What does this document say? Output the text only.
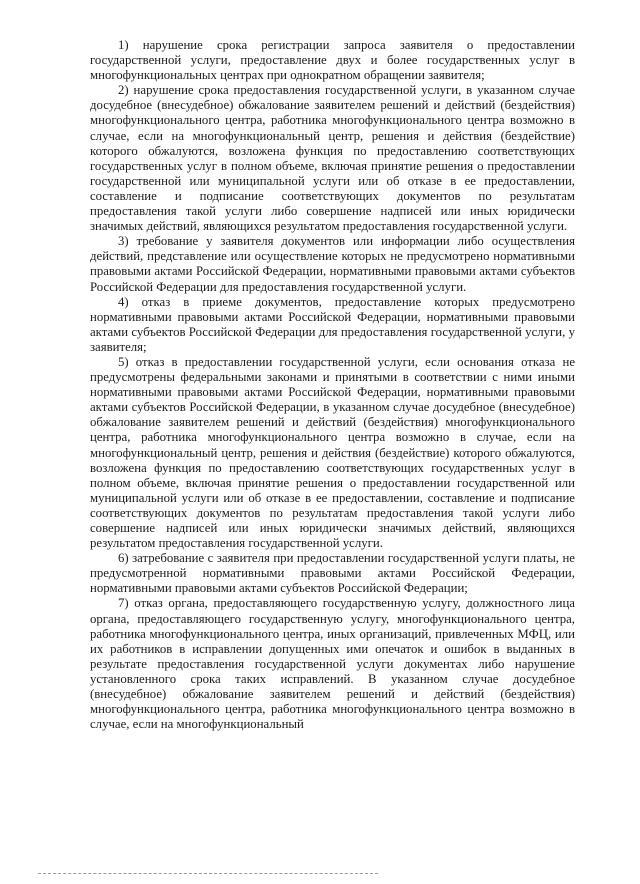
1) нарушение срока регистрации запроса заявителя о предоставлении государственной услуги, предоставление двух и более государственных услуг в многофункциональных центрах при однократном обращении заявителя;

2) нарушение срока предоставления государственной услуги, в указанном случае досудебное (внесудебное) обжалование заявителем решений и действий (бездействия) многофункционального центра, работника многофункционального центра возможно в случае, если на многофункциональный центр, решения и действия (бездействие) которого обжалуются, возложена функция по предоставлению соответствующих государственных услуг в полном объеме, включая принятие решения о предоставлении государственной или муниципальной услуги или об отказе в ее предоставлении, составление и подписание соответствующих документов по результатам предоставления такой услуги либо совершение надписей или иных юридически значимых действий, являющихся результатом предоставления государственной услуги.

3) требование у заявителя документов или информации либо осуществления действий, представление или осуществление которых не предусмотрено нормативными правовыми актами Российской Федерации, нормативными правовыми актами субъектов Российской Федерации для предоставления государственной услуги.

4) отказ в приеме документов, предоставление которых предусмотрено нормативными правовыми актами Российской Федерации, нормативными правовыми актами субъектов Российской Федерации для предоставления государственной услуги, у заявителя;

5) отказ в предоставлении государственной услуги, если основания отказа не предусмотрены федеральными законами и принятыми в соответствии с ними иными нормативными правовыми актами Российской Федерации, нормативными правовыми актами субъектов Российской Федерации, в указанном случае досудебное (внесудебное) обжалование заявителем решений и действий (бездействия) многофункционального центра, работника многофункционального центра возможно в случае, если на многофункциональный центр, решения и действия (бездействие) которого обжалуются, возложена функция по предоставлению соответствующих государственных услуг в полном объеме, включая принятие решения о предоставлении государственной или муниципальной услуги или об отказе в ее предоставлении, составление и подписание соответствующих документов по результатам предоставления такой услуги либо совершение надписей или иных юридически значимых действий, являющихся результатом предоставления государственной услуги.

6) затребование с заявителя при предоставлении государственной услуги платы, не предусмотренной нормативными правовыми актами Российской Федерации, нормативными правовыми актами субъектов Российской Федерации;

7) отказ органа, предоставляющего государственную услугу, должностного лица органа, предоставляющего государственную услугу, многофункционального центра, работника многофункционального центра, иных организаций, привлеченных МФЦ, или их работников в исправлении допущенных ими опечаток и ошибок в выданных в результате предоставления государственной услуги документах либо нарушение установленного срока таких исправлений. В указанном случае досудебное (внесудебное) обжалование заявителем решений и действий (бездействия) многофункционального центра, работника многофункционального центра возможно в случае, если на многофункциональный
